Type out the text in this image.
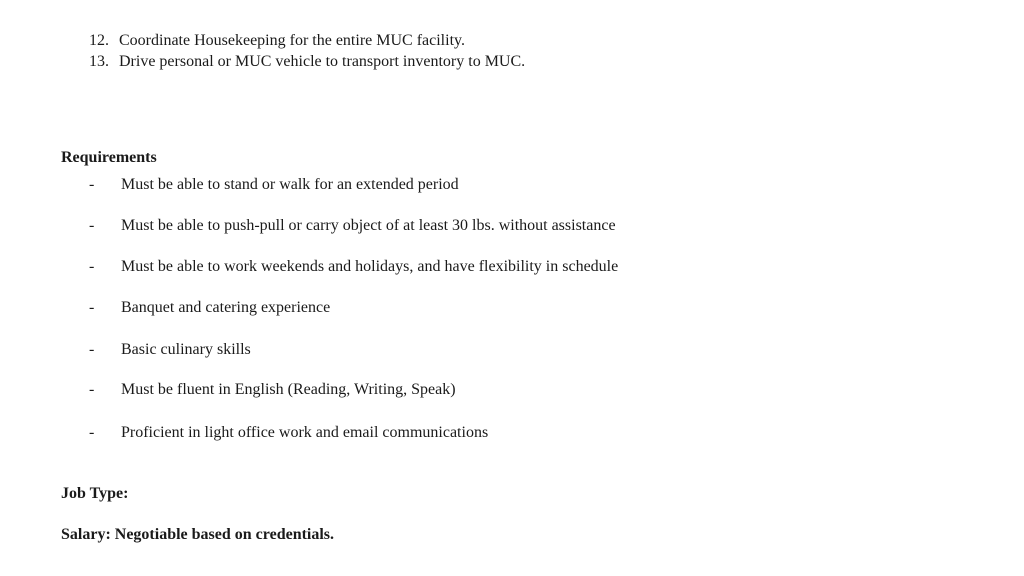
12. Coordinate Housekeeping for the entire MUC facility.
13. Drive personal or MUC vehicle to transport inventory to MUC.
Requirements
- Must be able to stand or walk for an extended period
- Must be able to push-pull or carry object of at least 30 lbs. without assistance
- Must be able to work weekends and holidays, and have flexibility in schedule
- Banquet and catering experience
- Basic culinary skills
- Must be fluent in English (Reading, Writing, Speak)
- Proficient in light office work and email communications
Job Type:
Salary: Negotiable based on credentials.
